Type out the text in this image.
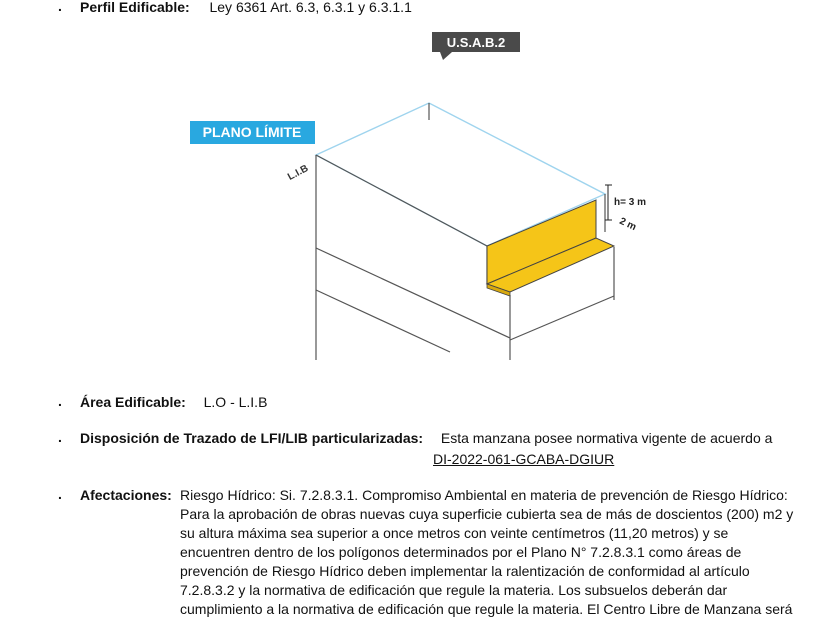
. Perfil Edificable: Ley 6361 Art. 6.3, 6.3.1 y 6.3.1.1
U.S.A.B.2
PLANO LÍMITE
L.I.B
h= 3 m
2 m
. Área Edificable: L.O - L.I.B
. Disposición de Trazado de LFI/LIB particularizadas: Esta manzana posee normativa vigente de acuerdo a
DI-2022-061-GCABA-DGIUR
. Afectaciones: Riesgo Hídrico: Si. 7.2.8.3.1. Compromiso Ambiental en materia de prevención de Riesgo Hídrico:
Para la aprobación de obras nuevas cuya superficie cubierta sea de más de doscientos (200) m2 y
su altura máxima sea superior a once metros con veinte centímetros (11,20 metros) y se
encuentren dentro de los polígonos determinados por el Plano N° 7.2.8.3.1 como áreas de
prevención de Riesgo Hídrico deben implementar la ralentización de conformidad al artículo
7.2.8.3.2 y la normativa de edificación que regule la materia. Los subsuelos deberán dar
cumplimiento a la normativa de edificación que regule la materia. El Centro Libre de Manzana será
